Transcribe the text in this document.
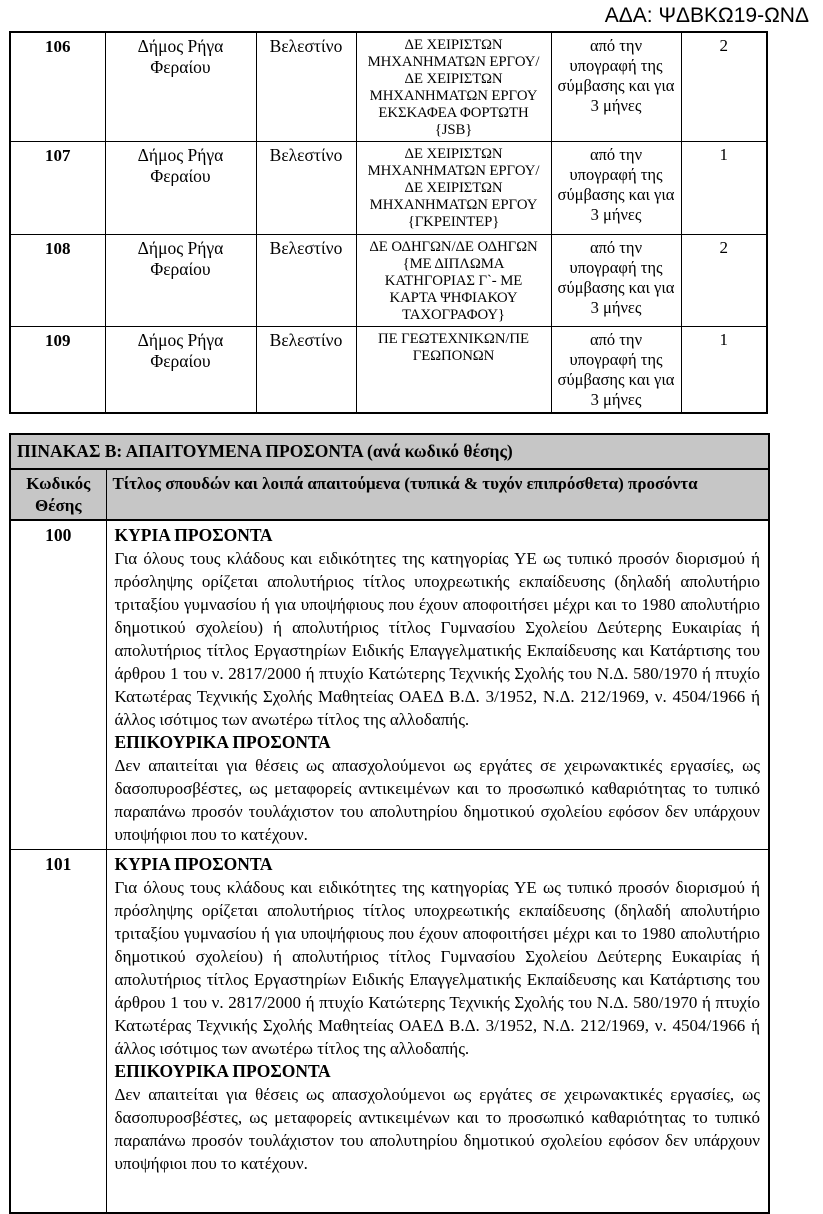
ΑΔΑ: ΨΔΒΚΩ19-ΩΝΔ
106	Δήμος Ρήγα Φεραίου	Βελεστίνο	ΔΕ ΧΕΙΡΙΣΤΩΝ ΜΗΧΑΝΗΜΑΤΩΝ ΕΡΓΟΥ/ΔΕ ΧΕΙΡΙΣΤΩΝ ΜΗΧΑΝΗΜΑΤΩΝ ΕΡΓΟΥ ΕΚΣΚΑΦΕΑ ΦΟΡΤΩΤΗ {JSB}	από την υπογραφή της σύμβασης και για 3 μήνες	2
107	Δήμος Ρήγα Φεραίου	Βελεστίνο	ΔΕ ΧΕΙΡΙΣΤΩΝ ΜΗΧΑΝΗΜΑΤΩΝ ΕΡΓΟΥ/ΔΕ ΧΕΙΡΙΣΤΩΝ ΜΗΧΑΝΗΜΑΤΩΝ ΕΡΓΟΥ {ΓΚΡΕΙΝΤΕΡ}	από την υπογραφή της σύμβασης και για 3 μήνες	1
108	Δήμος Ρήγα Φεραίου	Βελεστίνο	ΔΕ ΟΔΗΓΩΝ/ΔΕ ΟΔΗΓΩΝ {ΜΕ ΔΙΠΛΩΜΑ ΚΑΤΗΓΟΡΙΑΣ Γ`- ΜΕ ΚΑΡΤΑ ΨΗΦΙΑΚΟΥ ΤΑΧΟΓΡΑΦΟΥ}	από την υπογραφή της σύμβασης και για 3 μήνες	2
109	Δήμος Ρήγα Φεραίου	Βελεστίνο	ΠΕ ΓΕΩΤΕΧΝΙΚΩΝ/ΠΕ ΓΕΩΠΟΝΩΝ	από την υπογραφή της σύμβασης και για 3 μήνες	1
ΠΙΝΑΚΑΣ Β: ΑΠΑΙΤΟΥΜΕΝΑ ΠΡΟΣΟΝΤΑ (ανά κωδικό θέσης)	
Κωδικός Θέσης	Τίτλος σπουδών και λοιπά απαιτούμενα (τυπικά & τυχόν επιπρόσθετα) προσόντα
100	ΚΥΡΙΑ ΠΡΟΣΟΝΤΑ

Για όλους τους κλάδους και ειδικότητες της κατηγορίας ΥΕ ως τυπικό προσόν διορισμού ή πρόσληψης ορίζεται απολυτήριος τίτλος υποχρεωτικής εκπαίδευσης (δηλαδή απολυτήριο τριταξίου γυμνασίου ή για υποψήφιους που έχουν αποφοιτήσει μέχρι και το 1980 απολυτήριο δημοτικού σχολείου) ή απολυτήριος τίτλος Γυμνασίου Σχολείου Δεύτερης Ευκαιρίας ή απολυτήριος τίτλος Εργαστηρίων Ειδικής Επαγγελματικής Εκπαίδευσης και Κατάρτισης του άρθρου 1 του ν. 2817/2000 ή πτυχίο Κατώτερης Τεχνικής Σχολής του Ν.Δ. 580/1970 ή πτυχίο Κατωτέρας Τεχνικής Σχολής Μαθητείας ΟΑΕΔ Β.Δ. 3/1952, Ν.Δ. 212/1969, ν. 4504/1966 ή άλλος ισότιμος των ανωτέρω τίτλος της αλλοδαπής.

ΕΠΙΚΟΥΡΙΚΑ ΠΡΟΣΟΝΤΑ

Δεν απαιτείται για θέσεις ως απασχολούμενοι ως εργάτες σε χειρωνακτικές εργασίες, ως δασοπυροσβέστες, ως μεταφορείς αντικειμένων και το προσωπικό καθαριότητας το τυπικό παραπάνω προσόν τουλάχιστον του απολυτηρίου δημοτικού σχολείου εφόσον δεν υπάρχουν υποψήφιοι που το κατέχουν.

101	ΚΥΡΙΑ ΠΡΟΣΟΝΤΑ

Για όλους τους κλάδους και ειδικότητες της κατηγορίας ΥΕ ως τυπικό προσόν διορισμού ή πρόσληψης ορίζεται απολυτήριος τίτλος υποχρεωτικής εκπαίδευσης (δηλαδή απολυτήριο τριταξίου γυμνασίου ή για υποψήφιους που έχουν αποφοιτήσει μέχρι και το 1980 απολυτήριο δημοτικού σχολείου) ή απολυτήριος τίτλος Γυμνασίου Σχολείου Δεύτερης Ευκαιρίας ή απολυτήριος τίτλος Εργαστηρίων Ειδικής Επαγγελματικής Εκπαίδευσης και Κατάρτισης του άρθρου 1 του ν. 2817/2000 ή πτυχίο Κατώτερης Τεχνικής Σχολής του Ν.Δ. 580/1970 ή πτυχίο Κατωτέρας Τεχνικής Σχολής Μαθητείας ΟΑΕΔ Β.Δ. 3/1952, Ν.Δ. 212/1969, ν. 4504/1966 ή άλλος ισότιμος των ανωτέρω τίτλος της αλλοδαπής.

ΕΠΙΚΟΥΡΙΚΑ ΠΡΟΣΟΝΤΑ

Δεν απαιτείται για θέσεις ως απασχολούμενοι ως εργάτες σε χειρωνακτικές εργασίες, ως δασοπυροσβέστες, ως μεταφορείς αντικειμένων και το προσωπικό καθαριότητας το τυπικό παραπάνω προσόν τουλάχιστον του απολυτηρίου δημοτικού σχολείου εφόσον δεν υπάρχουν υποψήφιοι που το κατέχουν.
